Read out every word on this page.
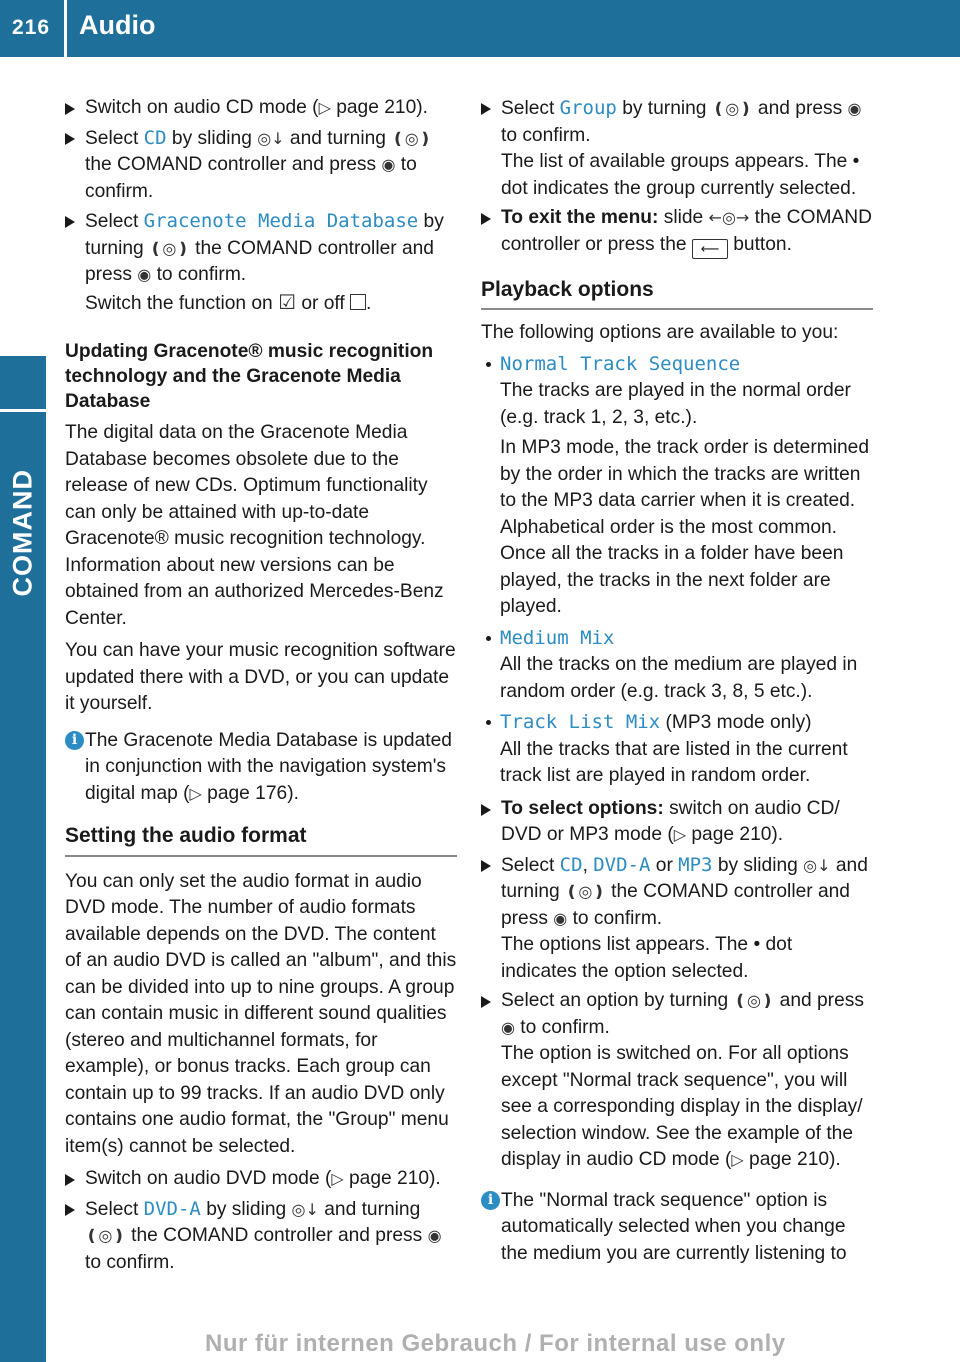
216 Audio
Switch on audio CD mode (▷ page 210).
Select CD by sliding ◎↓ and turning ❪◎❫ the COMAND controller and press ◉ to confirm.
Select Gracenote Media Database by turning ❪◎❫ the COMAND controller and press ◉ to confirm.
Switch the function on ☑ or off .
Updating Gracenote® music recognition technology and the Gracenote Media Database
The digital data on the Gracenote Media Database becomes obsolete due to the release of new CDs. Optimum functionality can only be attained with up-to-date Gracenote® music recognition technology. Information about new versions can be obtained from an authorized Mercedes-Benz Center.
You can have your music recognition software updated there with a DVD, or you can update it yourself.
i The Gracenote Media Database is updated in conjunction with the navigation system's digital map (▷ page 176).
Setting the audio format
You can only set the audio format in audio DVD mode. The number of audio formats available depends on the DVD. The content of an audio DVD is called an "album", and this can be divided into up to nine groups. A group can contain music in different sound qualities (stereo and multichannel formats, for example), or bonus tracks. Each group can contain up to 99 tracks. If an audio DVD only contains one audio format, the "Group" menu item(s) cannot be selected.
Switch on audio DVD mode (▷ page 210).
Select DVD-A by sliding ◎↓ and turning ❪◎❫ the COMAND controller and press ◉ to confirm.
Select Group by turning ❪◎❫ and press ◉ to confirm.
The list of available groups appears. The • dot indicates the group currently selected.
To exit the menu: slide ←◎→ the COMAND controller or press the ⟵ button.
Playback options
The following options are available to you:
Normal Track Sequence
The tracks are played in the normal order (e.g. track 1, 2, 3, etc.).
In MP3 mode, the track order is determined by the order in which the tracks are written to the MP3 data carrier when it is created. Alphabetical order is the most common. Once all the tracks in a folder have been played, the tracks in the next folder are played.
Medium Mix
All the tracks on the medium are played in random order (e.g. track 3, 8, 5 etc.).
Track List Mix (MP3 mode only)
All the tracks that are listed in the current track list are played in random order.
To select options: switch on audio CD/ DVD or MP3 mode (▷ page 210).
Select CD, DVD-A or MP3 by sliding ◎↓ and turning ❪◎❫ the COMAND controller and press ◉ to confirm.
The options list appears. The • dot indicates the option selected.
Select an option by turning ❪◎❫ and press ◉ to confirm.
The option is switched on. For all options except "Normal track sequence", you will see a corresponding display in the display/ selection window. See the example of the display in audio CD mode (▷ page 210).
i The "Normal track sequence" option is automatically selected when you change the medium you are currently listening to
Nur für internen Gebrauch / For internal use only
